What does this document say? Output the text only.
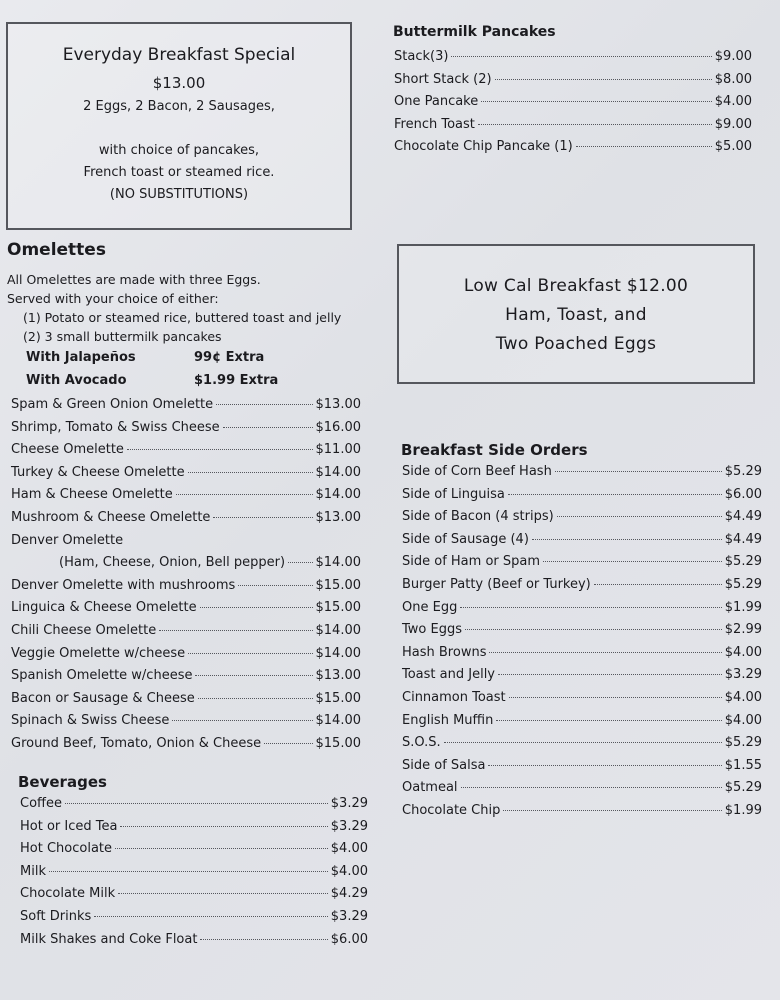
Everyday Breakfast Special
$13.00
2 Eggs, 2 Bacon, 2 Sausages,
with choice of pancakes,
French toast or steamed rice.
(NO SUBSTITUTIONS)
Buttermilk Pancakes
Stack(3)	$9.00
Short Stack (2)	$8.00
One Pancake	$4.00
French Toast	$9.00
Chocolate Chip Pancake (1)	$5.00
Low Cal Breakfast $12.00
Ham, Toast, and
Two Poached Eggs
Omelettes
All Omelettes are made with three Eggs.
Served with your choice of either:
(1) Potato or steamed rice, buttered toast and jelly
(2) 3 small buttermilk pancakes
With Jalapeños	99¢ Extra
With Avocado	$1.99 Extra
Spam & Green Onion Omelette	$13.00
Shrimp, Tomato & Swiss Cheese	$16.00
Cheese Omelette	$11.00
Turkey & Cheese Omelette	$14.00
Ham & Cheese Omelette	$14.00
Mushroom & Cheese Omelette	$13.00
Denver Omelette
(Ham, Cheese, Onion, Bell pepper) $14.00
Denver Omelette with mushrooms	$15.00
Linguica & Cheese Omelette	$15.00
Chili Cheese Omelette	$14.00
Veggie Omelette w/cheese	$14.00
Spanish Omelette w/cheese	$13.00
Bacon or Sausage & Cheese	$15.00
Spinach & Swiss Cheese	$14.00
Ground Beef, Tomato, Onion & Cheese	$15.00
Beverages
Coffee	$3.29
Hot or Iced Tea	$3.29
Hot Chocolate	$4.00
Milk	$4.00
Chocolate Milk	$4.29
Soft Drinks	$3.29
Milk Shakes and Coke Float	$6.00
Breakfast Side Orders
Side of Corn Beef Hash	$5.29
Side of Linguisa	$6.00
Side of Bacon (4 strips)	$4.49
Side of Sausage (4)	$4.49
Side of Ham or Spam	$5.29
Burger Patty (Beef or Turkey)	$5.29
One Egg	$1.99
Two Eggs	$2.99
Hash Browns	$4.00
Toast and Jelly	$3.29
Cinnamon Toast	$4.00
English Muffin	$4.00
S.O.S.	$5.29
Side of Salsa	$1.55
Oatmeal	$5.29
Chocolate Chip	$1.99
